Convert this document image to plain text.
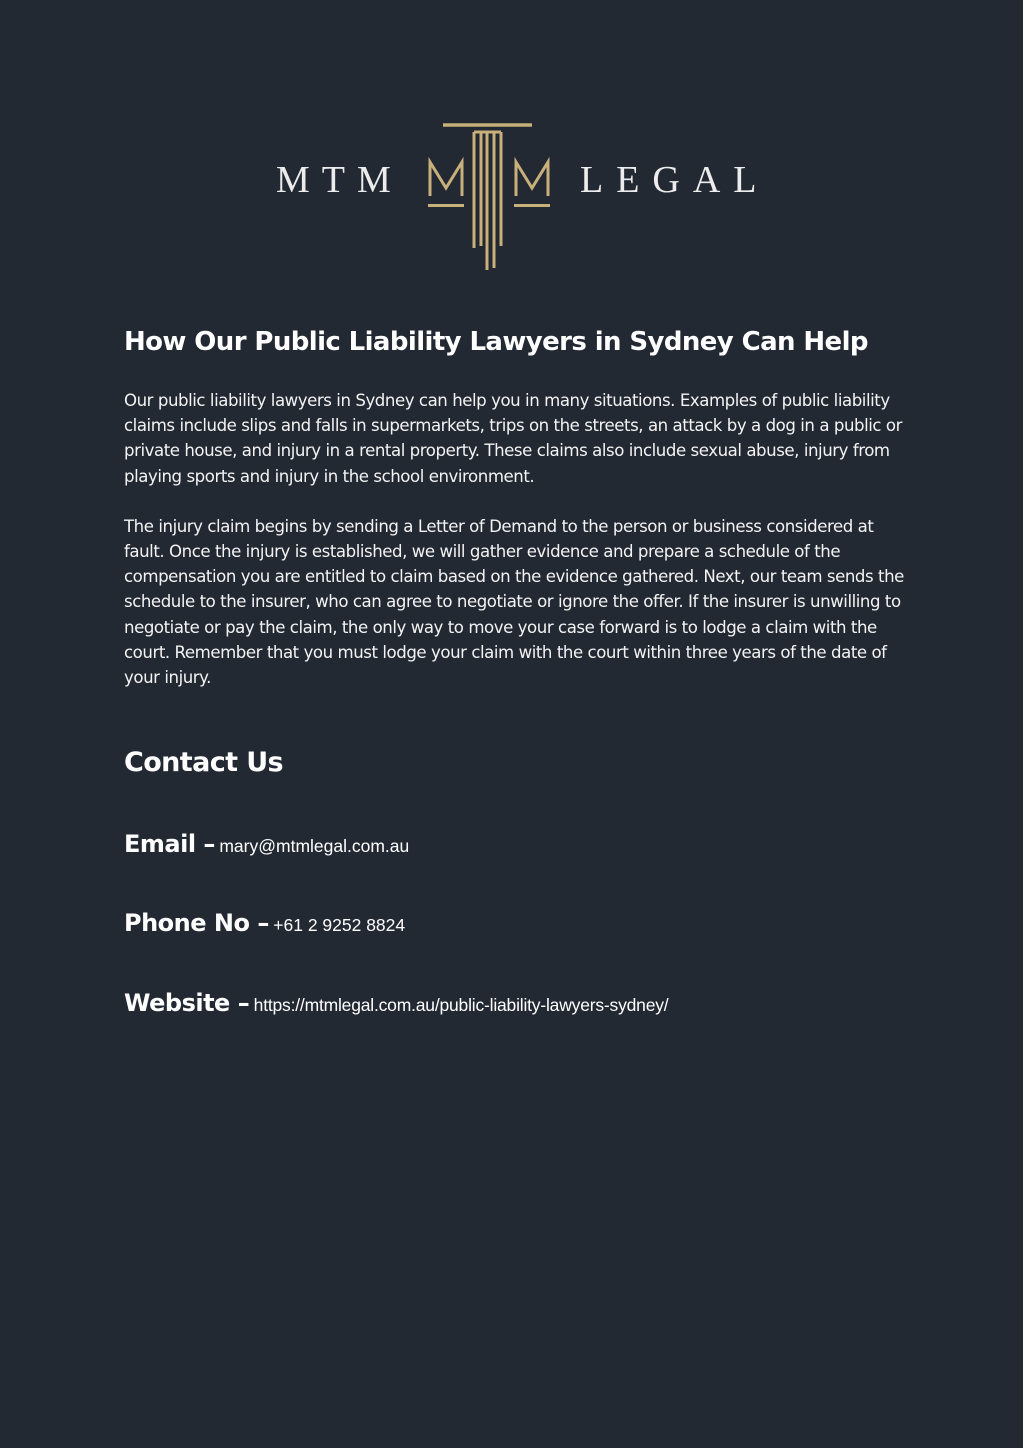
MTM	LEGAL
How Our Public Liability Lawyers in Sydney Can Help

Our public liability lawyers in Sydney can help you in many situations. Examples of public liability claims include slips and falls in supermarkets, trips on the streets, an attack by a dog in a public or private house, and injury in a rental property. These claims also include sexual abuse, injury from playing sports and injury in the school environment.

The injury claim begins by sending a Letter of Demand to the person or business considered at fault. Once the injury is established, we will gather evidence and prepare a schedule of the compensation you are entitled to claim based on the evidence gathered. Next, our team sends the schedule to the insurer, who can agree to negotiate or ignore the offer. If the insurer is unwilling to negotiate or pay the claim, the only way to move your case forward is to lodge a claim with the court. Remember that you must lodge your claim with the court within three years of the date of your injury.

Contact Us

Email – mary@mtmlegal.com.au

Phone No – +61 2 9252 8824

Website – https://mtmlegal.com.au/public-liability-lawyers-sydney/
